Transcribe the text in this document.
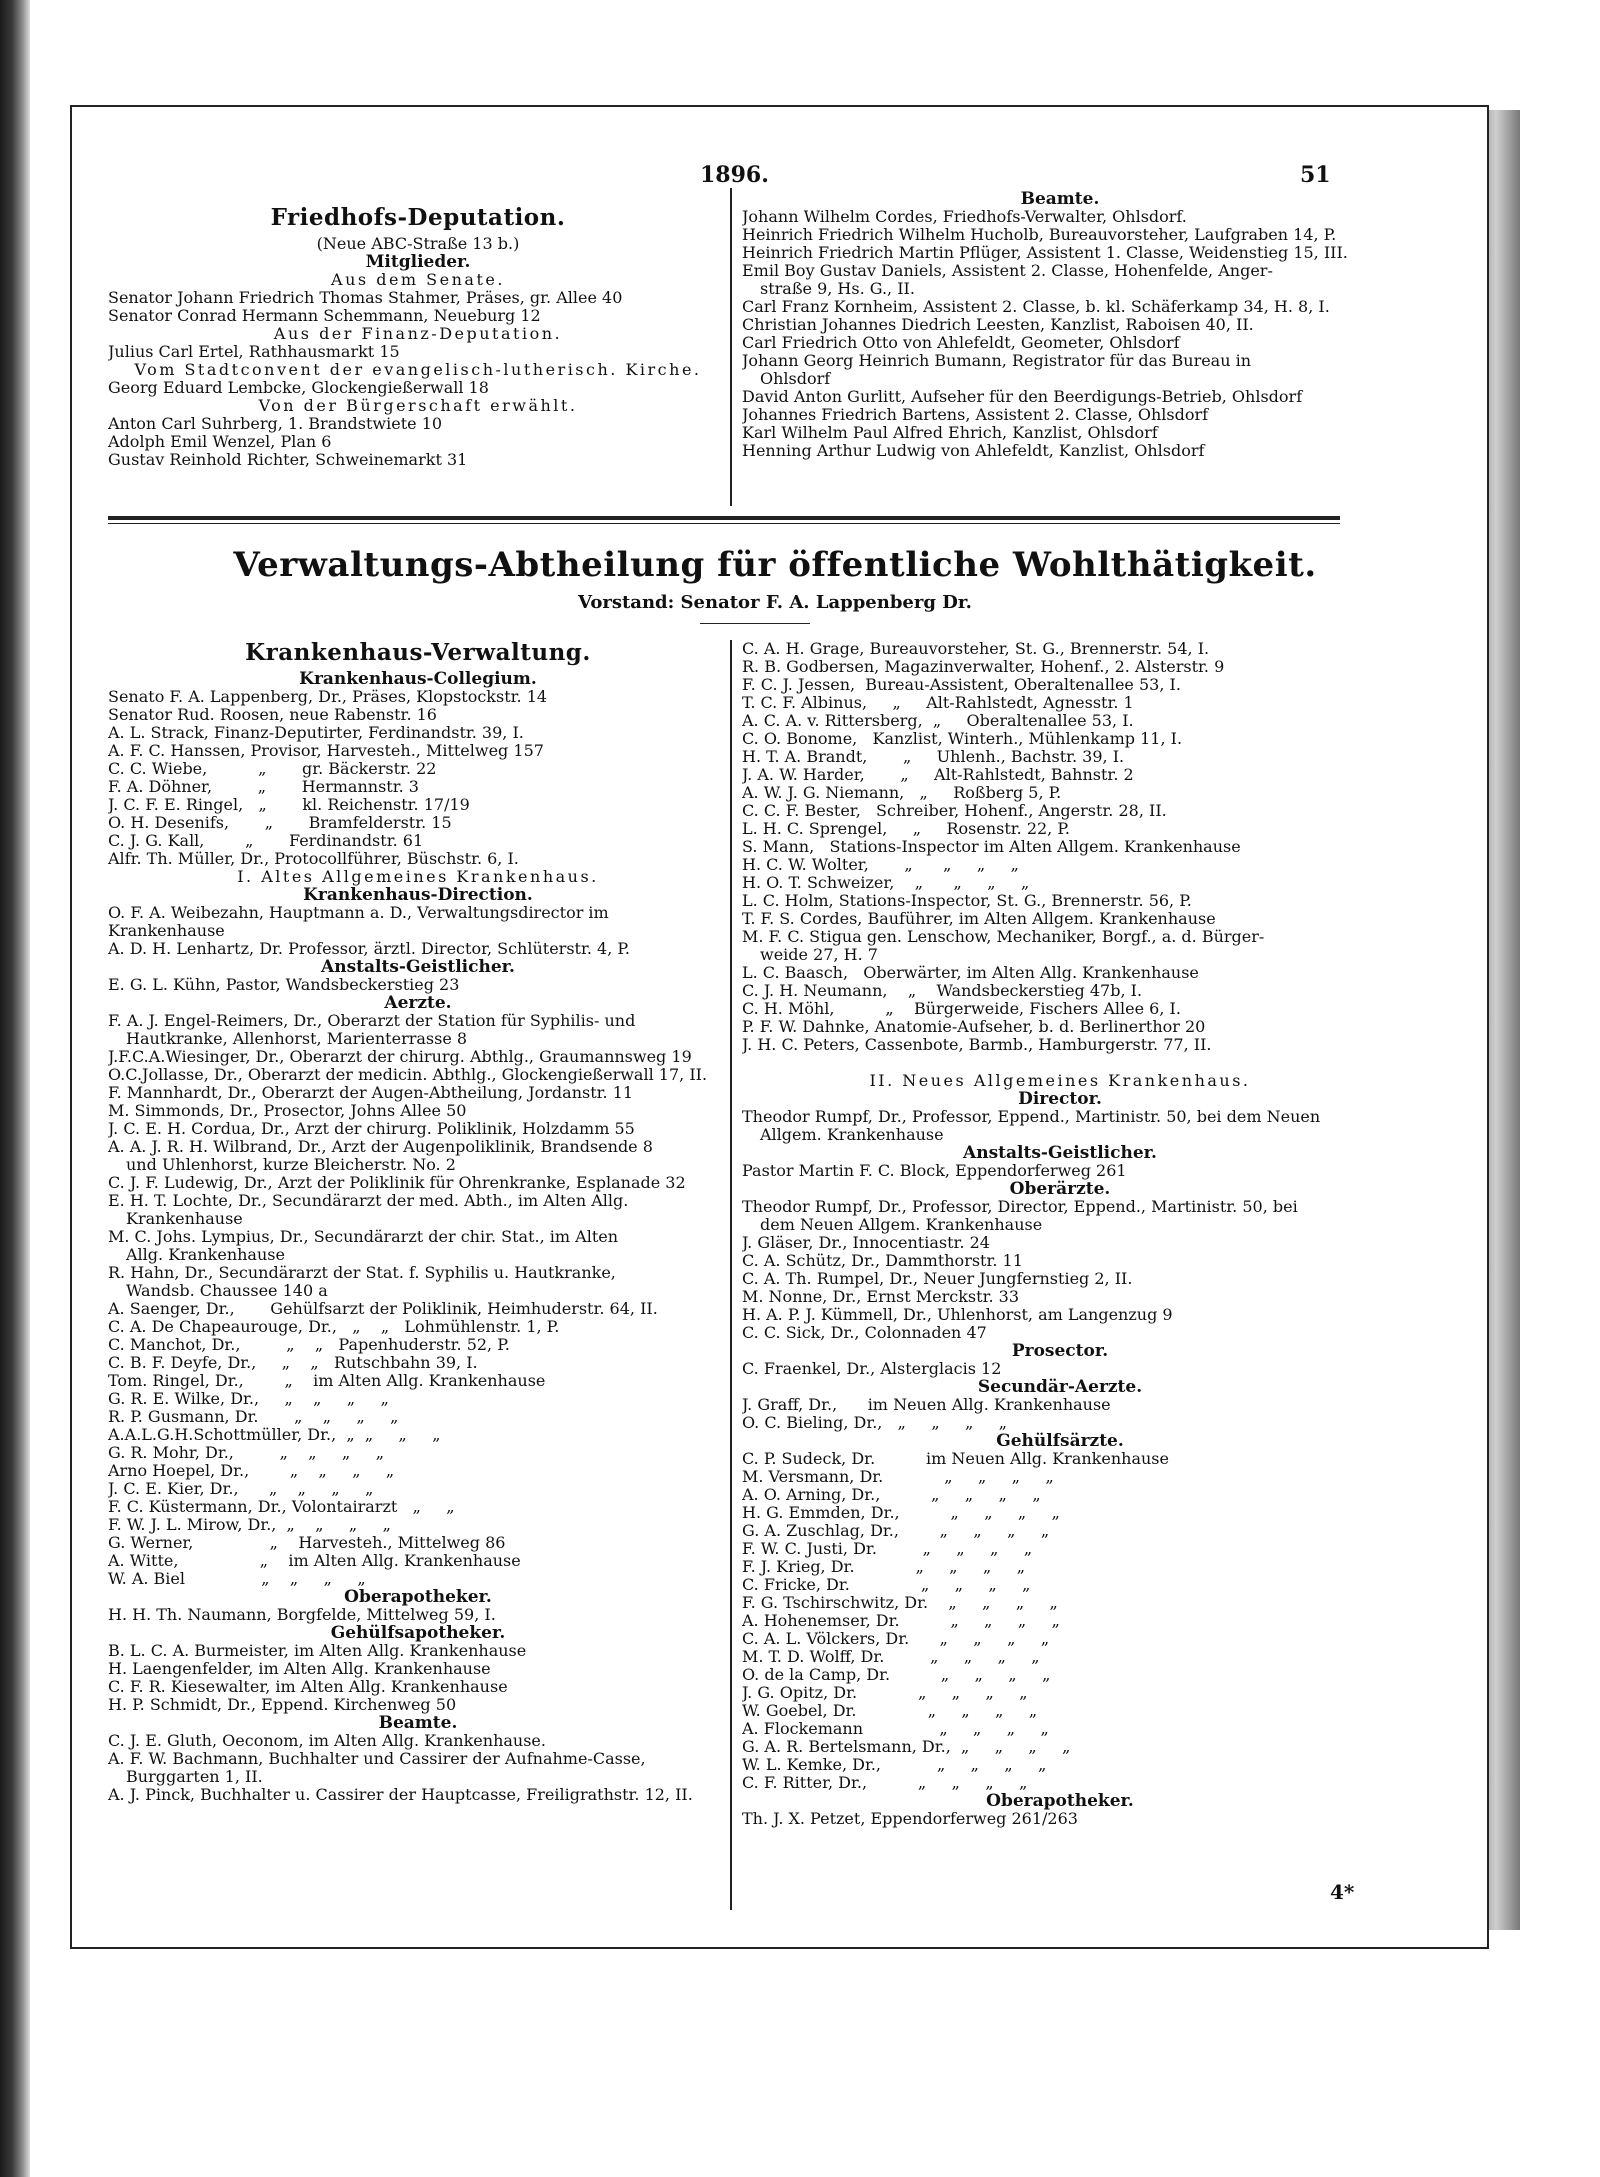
1896.	51
Friedhofs-Deputation.
(Neue ABC-Straße 13 b.)
Mitglieder.
Aus dem Senate.
Senator Johann Friedrich Thomas Stahmer, Präses, gr. Allee 40
Senator Conrad Hermann Schemmann, Neueburg 12
Aus der Finanz-Deputation.
Julius Carl Ertel, Rathhausmarkt 15
Vom Stadtconvent der evangelisch-lutherisch. Kirche.
Georg Eduard Lembcke, Glockengießerwall 18
Von der Bürgerschaft erwählt.
Anton Carl Suhrberg, 1. Brandstwiete 10
Adolph Emil Wenzel, Plan 6
Gustav Reinhold Richter, Schweinemarkt 31
Beamte.
Johann Wilhelm Cordes, Friedhofs-Verwalter, Ohlsdorf.
Heinrich Friedrich Wilhelm Hucholb, Bureauvorsteher, Laufgraben 14, P.
Heinrich Friedrich Martin Pflüger, Assistent 1. Classe, Weidenstieg 15, III.
Emil Boy Gustav Daniels, Assistent 2. Classe, Hohenfelde, Anger-
straße 9, Hs. G., II.
Carl Franz Kornheim, Assistent 2. Classe, b. kl. Schäferkamp 34, H. 8, I.
Christian Johannes Diedrich Leesten, Kanzlist, Raboisen 40, II.
Carl Friedrich Otto von Ahlefeldt, Geometer, Ohlsdorf
Johann Georg Heinrich Bumann, Registrator für das Bureau in
Ohlsdorf
David Anton Gurlitt, Aufseher für den Beerdigungs-Betrieb, Ohlsdorf
Johannes Friedrich Bartens, Assistent 2. Classe, Ohlsdorf
Karl Wilhelm Paul Alfred Ehrich, Kanzlist, Ohlsdorf
Henning Arthur Ludwig von Ahlefeldt, Kanzlist, Ohlsdorf
Verwaltungs-Abtheilung für öffentliche Wohlthätigkeit.
Vorstand: Senator F. A. Lappenberg Dr.
Krankenhaus-Verwaltung.
Krankenhaus-Collegium.
Senato F. A. Lappenberg, Dr., Präses, Klopstockstr. 14
Senator Rud. Roosen, neue Rabenstr. 16
A. L. Strack, Finanz-Deputirter, Ferdinandstr. 39, I.
A. F. C. Hanssen, Provisor, Harvesteh., Mittelweg 157
C. C. Wiebe,          „       gr. Bäckerstr. 22
F. A. Döhner,         „       Hermannstr. 3
J. C. F. E. Ringel,   „       kl. Reichenstr. 17/19
O. H. Desenifs,       „       Bramfelderstr. 15
C. J. G. Kall,        „       Ferdinandstr. 61
Alfr. Th. Müller, Dr., Protocollführer, Büschstr. 6, I.
I. Altes Allgemeines Krankenhaus.
Krankenhaus-Direction.
O. F. A. Weibezahn, Hauptmann a. D., Verwaltungsdirector im
Krankenhause
A. D. H. Lenhartz, Dr. Professor, ärztl. Director, Schlüterstr. 4, P.
Anstalts-Geistlicher.
E. G. L. Kühn, Pastor, Wandsbeckerstieg 23
Aerzte.
F. A. J. Engel-Reimers, Dr., Oberarzt der Station für Syphilis- und
Hautkranke, Allenhorst, Marienterrasse 8
J.F.C.A.Wiesinger, Dr., Oberarzt der chirurg. Abthlg., Graumannsweg 19
O.C.Jollasse, Dr., Oberarzt der medicin. Abthlg., Glockengießerwall 17, II.
F. Mannhardt, Dr., Oberarzt der Augen-Abtheilung, Jordanstr. 11
M. Simmonds, Dr., Prosector, Johns Allee 50
J. C. E. H. Cordua, Dr., Arzt der chirurg. Poliklinik, Holzdamm 55
A. A. J. R. H. Wilbrand, Dr., Arzt der Augenpoliklinik, Brandsende 8
und Uhlenhorst, kurze Bleicherstr. No. 2
C. J. F. Ludewig, Dr., Arzt der Poliklinik für Ohrenkranke, Esplanade 32
E. H. T. Lochte, Dr., Secundärarzt der med. Abth., im Alten Allg.
Krankenhause
M. C. Johs. Lympius, Dr., Secundärarzt der chir. Stat., im Alten
Allg. Krankenhause
R. Hahn, Dr., Secundärarzt der Stat. f. Syphilis u. Hautkranke,
Wandsb. Chaussee 140 a
A. Saenger, Dr.,       Gehülfsarzt der Poliklinik, Heimhuderstr. 64, II.
C. A. De Chapeaurouge, Dr.,   „    „   Lohmühlenstr. 1, P.
C. Manchot, Dr.,         „    „   Papenhuderstr. 52, P.
C. B. F. Deyfe, Dr.,     „    „   Rutschbahn 39, I.
Tom. Ringel, Dr.,        „    im Alten Allg. Krankenhause
G. R. E. Wilke, Dr.,     „    „     „     „
R. P. Gusmann, Dr.       „    „     „     „
A.A.L.G.H.Schottmüller, Dr.,  „  „     „     „
G. R. Mohr, Dr.,         „    „     „     „
Arno Hoepel, Dr.,        „    „     „     „
J. C. E. Kier, Dr.,      „    „     „     „
F. C. Küstermann, Dr., Volontairarzt   „     „
F. W. J. L. Mirow, Dr.,  „    „     „     „
G. Werner,               „    Harvesteh., Mittelweg 86
A. Witte,                „    im Alten Allg. Krankenhause
W. A. Biel               „    „     „     „
Oberapotheker.
H. H. Th. Naumann, Borgfelde, Mittelweg 59, I.
Gehülfsapotheker.
B. L. C. A. Burmeister, im Alten Allg. Krankenhause
H. Laengenfelder, im Alten Allg. Krankenhause
C. F. R. Kiesewalter, im Alten Allg. Krankenhause
H. P. Schmidt, Dr., Eppend. Kirchenweg 50
Beamte.
C. J. E. Gluth, Oeconom, im Alten Allg. Krankenhause.
A. F. W. Bachmann, Buchhalter und Cassirer der Aufnahme-Casse,
Burggarten 1, II.
A. J. Pinck, Buchhalter u. Cassirer der Hauptcasse, Freiligrathstr. 12, II.
C. A. H. Grage, Bureauvorsteher, St. G., Brennerstr. 54, I.
R. B. Godbersen, Magazinverwalter, Hohenf., 2. Alsterstr. 9
F. C. J. Jessen,  Bureau-Assistent, Oberaltenallee 53, I.
T. C. F. Albinus,     „     Alt-Rahlstedt, Agnesstr. 1
A. C. A. v. Rittersberg,  „     Oberaltenallee 53, I.
C. O. Bonome,   Kanzlist, Winterh., Mühlenkamp 11, I.
H. T. A. Brandt,       „     Uhlenh., Bachstr. 39, I.
J. A. W. Harder,       „     Alt-Rahlstedt, Bahnstr. 2
A. W. J. G. Niemann,   „     Roßberg 5, P.
C. C. F. Bester,   Schreiber, Hohenf., Angerstr. 28, II.
L. H. C. Sprengel,     „     Rosenstr. 22, P.
S. Mann,   Stations-Inspector im Alten Allgem. Krankenhause
H. C. W. Wolter,       „      „     „     „
H. O. T. Schweizer,    „      „     „     „
L. C. Holm, Stations-Inspector, St. G., Brennerstr. 56, P.
T. F. S. Cordes, Bauführer, im Alten Allgem. Krankenhause
M. F. C. Stigua gen. Lenschow, Mechaniker, Borgf., a. d. Bürger-
weide 27, H. 7
L. C. Baasch,   Oberwärter, im Alten Allg. Krankenhause
C. J. H. Neumann,    „    Wandsbeckerstieg 47b, I.
C. H. Möhl,          „    Bürgerweide, Fischers Allee 6, I.
P. F. W. Dahnke, Anatomie-Aufseher, b. d. Berlinerthor 20
J. H. C. Peters, Cassenbote, Barmb., Hamburgerstr. 77, II.
II. Neues Allgemeines Krankenhaus.
Director.
Theodor Rumpf, Dr., Professor, Eppend., Martinistr. 50, bei dem Neuen
Allgem. Krankenhause
Anstalts-Geistlicher.
Pastor Martin F. C. Block, Eppendorferweg 261
Oberärzte.
Theodor Rumpf, Dr., Professor, Director, Eppend., Martinistr. 50, bei
dem Neuen Allgem. Krankenhause
J. Gläser, Dr., Innocentiastr. 24
C. A. Schütz, Dr., Dammthorstr. 11
C. A. Th. Rumpel, Dr., Neuer Jungfernstieg 2, II.
M. Nonne, Dr., Ernst Merckstr. 33
H. A. P. J. Kümmell, Dr., Uhlenhorst, am Langenzug 9
C. C. Sick, Dr., Colonnaden 47
Prosector.
C. Fraenkel, Dr., Alsterglacis 12
Secundär-Aerzte.
J. Graff, Dr.,      im Neuen Allg. Krankenhause
O. C. Bieling, Dr.,   „     „     „     „
Gehülfsärzte.
C. P. Sudeck, Dr.          im Neuen Allg. Krankenhause
M. Versmann, Dr.            „     „     „     „
A. O. Arning, Dr.,          „     „     „     „
H. G. Emmden, Dr.,          „     „     „     „
G. A. Zuschlag, Dr.,        „     „     „     „
F. W. C. Justi, Dr.         „     „     „     „
F. J. Krieg, Dr.            „     „     „     „
C. Fricke, Dr.              „     „     „     „
F. G. Tschirschwitz, Dr.    „     „     „     „
A. Hohenemser, Dr.          „     „     „     „
C. A. L. Völckers, Dr.      „     „     „     „
M. T. D. Wolff, Dr.         „     „     „     „
O. de la Camp, Dr.          „     „     „     „
J. G. Opitz, Dr.            „     „     „     „
W. Goebel, Dr.              „     „     „     „
A. Flockemann               „     „     „     „
G. A. R. Bertelsmann, Dr.,  „     „     „     „
W. L. Kemke, Dr.,           „     „     „     „
C. F. Ritter, Dr.,          „     „     „     „
Oberapotheker.
Th. J. X. Petzet, Eppendorferweg 261/263
4*
